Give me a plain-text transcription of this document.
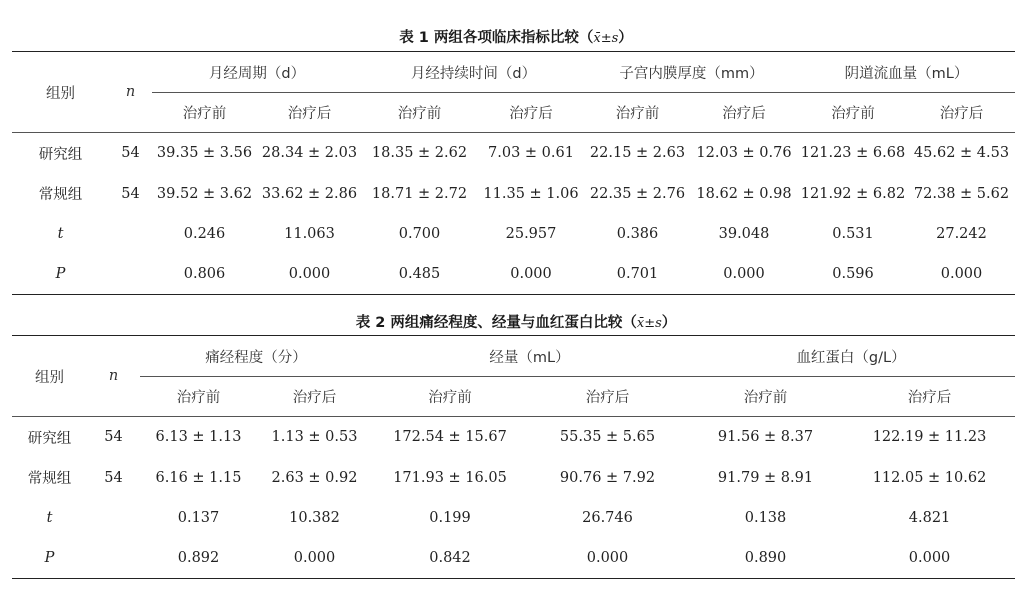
表 1 两组各项临床指标比较（x̄±s）
组别	n	月经周期（d）		月经持续时间（d）		子宫内膜厚度（mm）		阴道流血量（mL）	
		治疗前	治疗后	治疗前	治疗后	治疗前	治疗后	治疗前	治疗后
研究组	54	39.35 ± 3.56	28.34 ± 2.03	18.35 ± 2.62	7.03 ± 0.61	22.15 ± 2.63	12.03 ± 0.76	121.23 ± 6.68	45.62 ± 4.53
常规组	54	39.52 ± 3.62	33.62 ± 2.86	18.71 ± 2.72	11.35 ± 1.06	22.35 ± 2.76	18.62 ± 0.98	121.92 ± 6.82	72.38 ± 5.62
t		0.246	11.063	0.700	25.957	0.386	39.048	0.531	27.242
P		0.806	0.000	0.485	0.000	0.701	0.000	0.596	0.000
表 2 两组痛经程度、经量与血红蛋白比较（x̄±s）
组别	n	痛经程度（分）		经量（mL）		血红蛋白（g/L）	
		治疗前	治疗后	治疗前	治疗后	治疗前	治疗后
研究组	54	6.13 ± 1.13	1.13 ± 0.53	172.54 ± 15.67	55.35 ± 5.65	91.56 ± 8.37	122.19 ± 11.23
常规组	54	6.16 ± 1.15	2.63 ± 0.92	171.93 ± 16.05	90.76 ± 7.92	91.79 ± 8.91	112.05 ± 10.62
t		0.137	10.382	0.199	26.746	0.138	4.821
P		0.892	0.000	0.842	0.000	0.890	0.000
